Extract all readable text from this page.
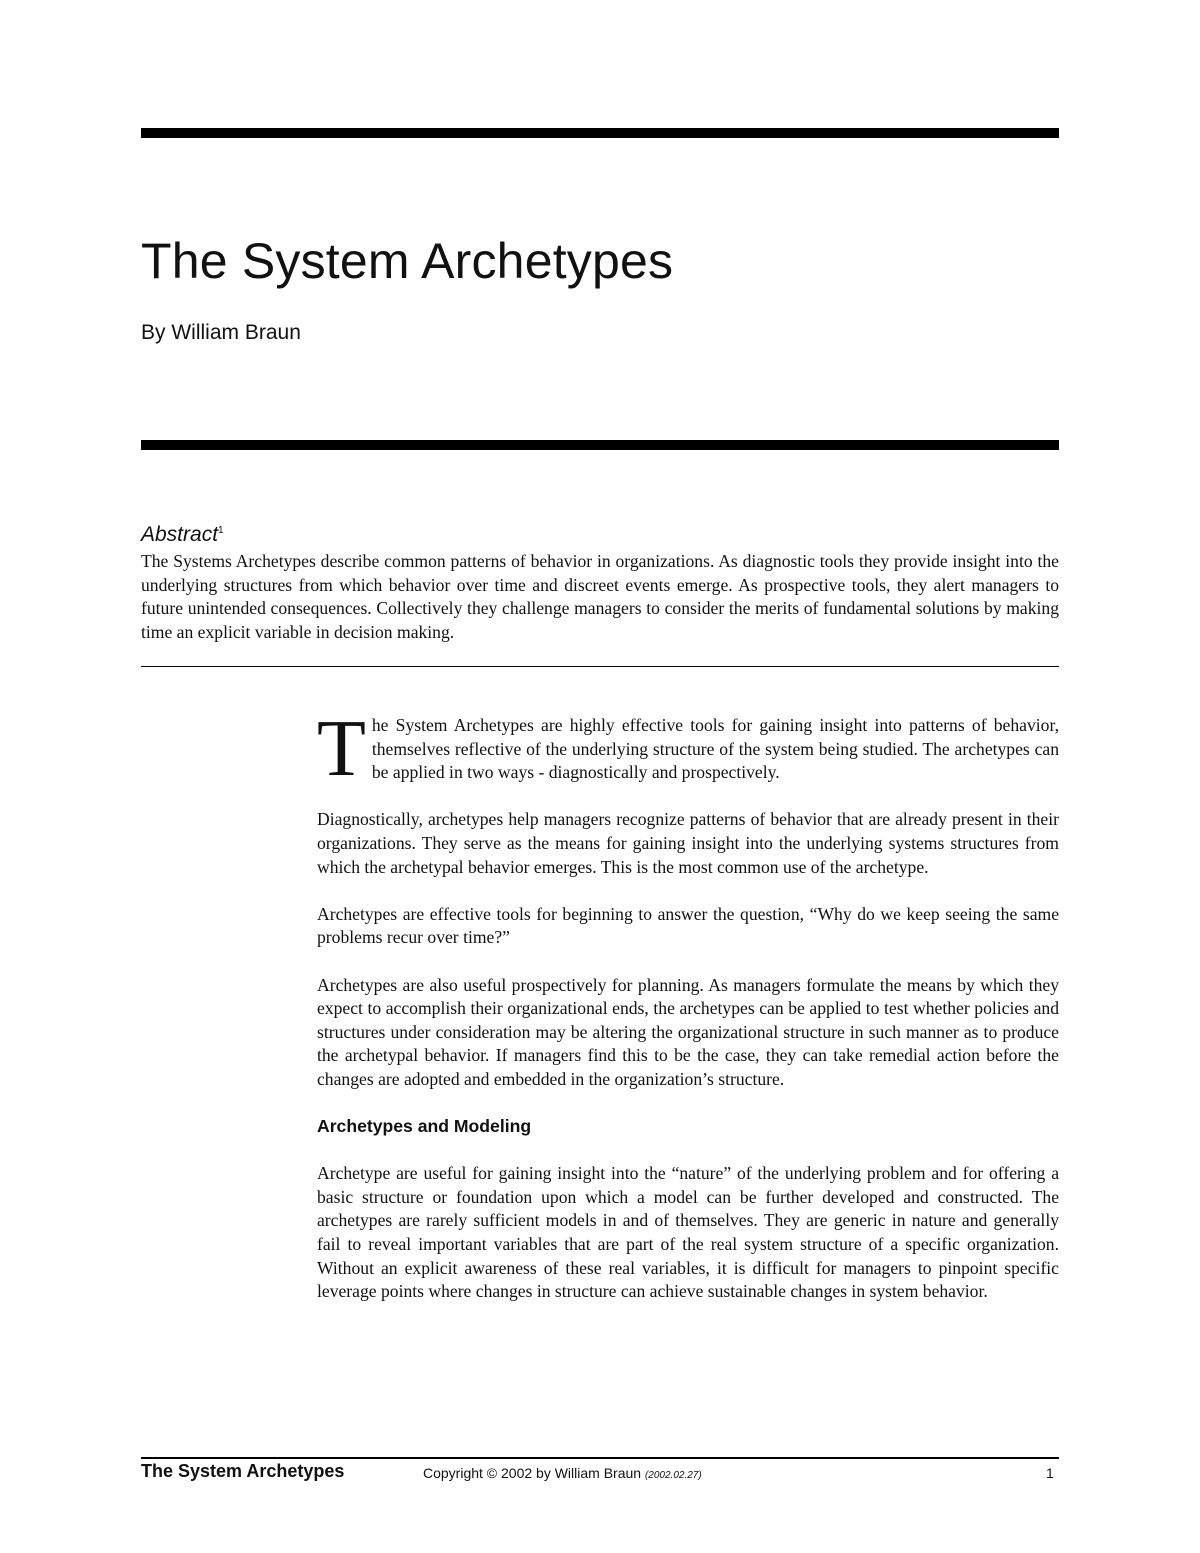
The System Archetypes
By William Braun
Abstract$^1$

The Systems Archetypes describe common patterns of behavior in organizations. As diagnostic tools they provide insight into the underlying structures from which behavior over time and discreet events emerge. As prospective tools, they alert managers to future unintended consequences. Collectively they challenge managers to consider the merits of fundamental solutions by making time an explicit variable in decision making.

The System Archetypes are highly effective tools for gaining insight into patterns of behavior, themselves reflective of the underlying structure of the system being studied. The archetypes can be applied in two ways - diagnostically and prospectively.

Diagnostically, archetypes help managers recognize patterns of behavior that are already present in their organizations. They serve as the means for gaining insight into the underlying systems structures from which the archetypal behavior emerges. This is the most common use of the archetype.

Archetypes are effective tools for beginning to answer the question, “Why do we keep seeing the same problems recur over time?”

Archetypes are also useful prospectively for planning. As managers formulate the means by which they expect to accomplish their organizational ends, the archetypes can be applied to test whether policies and structures under consideration may be altering the organizational structure in such manner as to produce the archetypal behavior. If managers find this to be the case, they can take remedial action before the changes are adopted and embedded in the organization’s structure.

Archetypes and Modeling

Archetype are useful for gaining insight into the “nature” of the underlying problem and for offering a basic structure or foundation upon which a model can be further developed and constructed. The archetypes are rarely sufficient models in and of themselves. They are generic in nature and generally fail to reveal important variables that are part of the real system structure of a specific organization. Without an explicit awareness of these real variables, it is difficult for managers to pinpoint specific leverage points where changes in structure can achieve sustainable changes in system behavior.

The System Archetypes	Copyright © 2002 by William Braun (2002.02.27)	1
